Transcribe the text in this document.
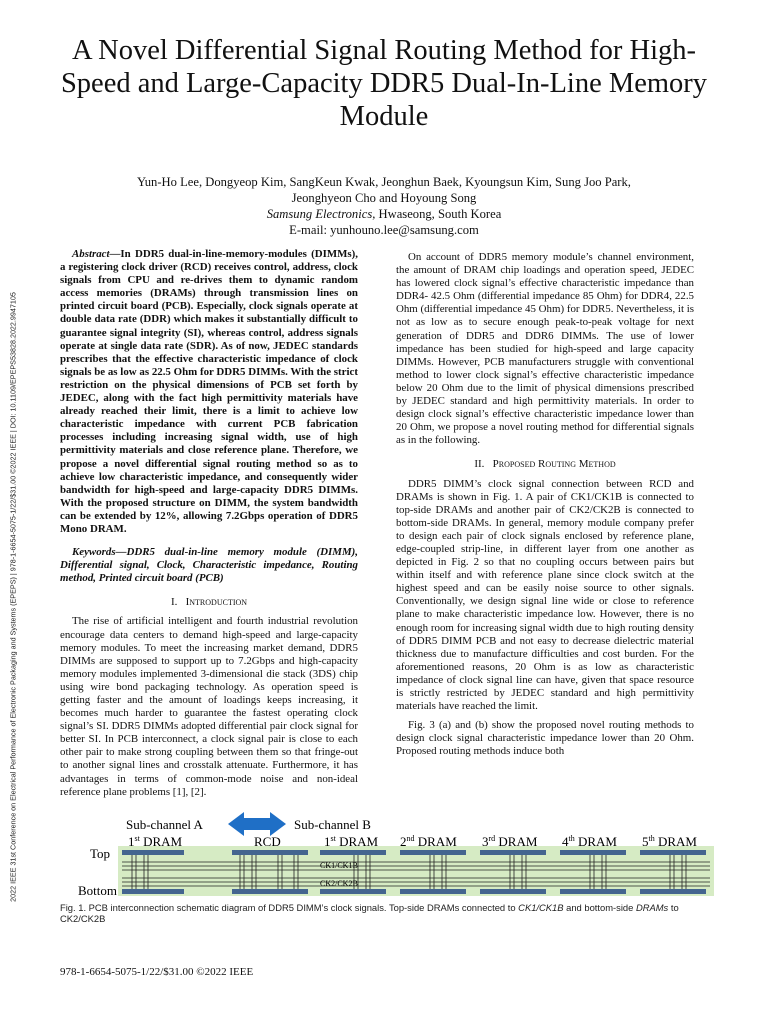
2022 IEEE 31st Conference on Electrical Performance of Electronic Packaging and Systems (EPEPS) | 978-1-6654-5075-1/22/$31.00 ©2022 IEEE | DOI: 10.1109/EPEPS53828.2022.9947105
A Novel Differential Signal Routing Method for High-Speed and Large-Capacity DDR5 Dual-In-Line Memory Module
Yun-Ho Lee, Dongyeop Kim, SangKeun Kwak, Jeonghun Baek, Kyoungsun Kim, Sung Joo Park,
Jeonghyeon Cho and Hoyoung Song
Samsung Electronics, Hwaseong, South Korea
E-mail: yunhouno.lee@samsung.com

Abstract—In DDR5 dual-in-line-memory-modules (DIMMs), a registering clock driver (RCD) receives control, address, clock signals from CPU and re-drives them to dynamic random access memories (DRAMs) through transmission lines on printed circuit board (PCB). Especially, clock signals operate at double data rate (DDR) which makes it substantially difficult to guarantee signal integrity (SI), whereas control, address signals operate at single data rate (SDR). As of now, JEDEC standards prescribes that the effective characteristic impedance of clock signals be as low as 22.5 Ohm for DDR5 DIMMs. With the strict restriction on the physical dimensions of PCB set forth by JEDEC, along with the fact high permittivity materials have already reached their limit, there is a limit to achieve low characteristic impedance with current PCB fabrication processes including increasing signal width, use of high permittivity materials and close reference plane. Therefore, we propose a novel differential signal routing method so as to achieve low characteristic impedance, and consequently wider bandwidth for high-speed and large-capacity DDR5 DIMMs. With the proposed structure on DIMM, the system bandwidth can be extended by 12%, allowing 7.2Gbps operation of DDR5 Mono DRAM.

Keywords—DDR5 dual-in-line memory module (DIMM), Differential signal, Clock, Characteristic impedance, Routing method, Printed circuit board (PCB)

I. Introduction

The rise of artificial intelligent and fourth industrial revolution encourage data centers to demand high-speed and large-capacity memory modules. To meet the increasing market demand, DDR5 DIMMs are supposed to support up to 7.2Gbps and high-capacity memory modules implemented 3-dimensional die stack (3DS) chip using wire bond packaging technology. As operation speed is getting faster and the amount of loadings keeps increasing, it becomes much harder to guarantee the fastest operating clock signal’s SI. DDR5 DIMMs adopted differential pair clock signal for better SI. In PCB interconnect, a clock signal pair is close to each other pair to make strong coupling between them so that fringe-out to another signal lines and crosstalk attenuate. Furthermore, it has advantages in terms of common-mode noise and non-ideal reference plane problems [1], [2].

On account of DDR5 memory module’s channel environment, the amount of DRAM chip loadings and operation speed, JEDEC has lowered clock signal’s effective characteristic impedance than DDR4- 42.5 Ohm (differential impedance 85 Ohm) for DDR4, 22.5 Ohm (differential impedance 45 Ohm) for DDR5. Nevertheless, it is not as low as to secure enough peak-to-peak voltage for next generation of DDR5 and DDR6 DIMMs. The use of lower impedance has been studied for high-speed and large capacity DIMMs. However, PCB manufacturers struggle with conventional method to lower clock signal’s effective characteristic impedance below 20 Ohm due to the limit of physical dimensions prescribed by JEDEC standard and high permittivity materials. In order to design clock signal’s effective characteristic impedance lower than 20 Ohm, we propose a novel routing method for differential signals as in the following.

II. Proposed Routing Method

DDR5 DIMM’s clock signal connection between RCD and DRAMs is shown in Fig. 1. A pair of CK1/CK1B is connected to top-side DRAMs and another pair of CK2/CK2B is connected to bottom-side DRAMs. In general, memory module company prefer to design each pair of clock signals enclosed by reference plane, edge-coupled strip-line, in different layer from one another as depicted in Fig. 2 so that no coupling occurs between pairs but within itself and with reference plane since clock switch at the highest speed and can be easily noise source to other signals. Conventionally, we design signal line wide or close to reference plane to make characteristic impedance low. However, there is no enough room for increasing signal width due to high routing density of DDR5 DIMM PCB and not easy to decrease dielectric material thickness due to manufacture difficulties and cost burden. For the aforementioned reasons, 20 Ohm is as low as characteristic impedance of clock signal line can have, given that space resource is strictly restricted by JEDEC standard and high permittivity materials have reached the limit.

Fig. 3 (a) and (b) show the proposed novel routing methods to design clock signal characteristic impedance lower than 20 Ohm. Proposed routing methods induce both

Top
Bottom
Sub-channel A	Sub-channel B
CK1/CK1B
CK2/CK2B
1st DRAM	RCD	1st DRAM 2nd DRAM 3rd DRAM 4th DRAM 5th DRAM
Fig. 1. PCB interconnection schematic diagram of DDR5 DIMM’s clock signals. Top-side DRAMs connected to CK1/CK1B and bottom-side DRAMs to CK2/CK2B
978-1-6654-5075-1/22/$31.00 ©2022 IEEE
